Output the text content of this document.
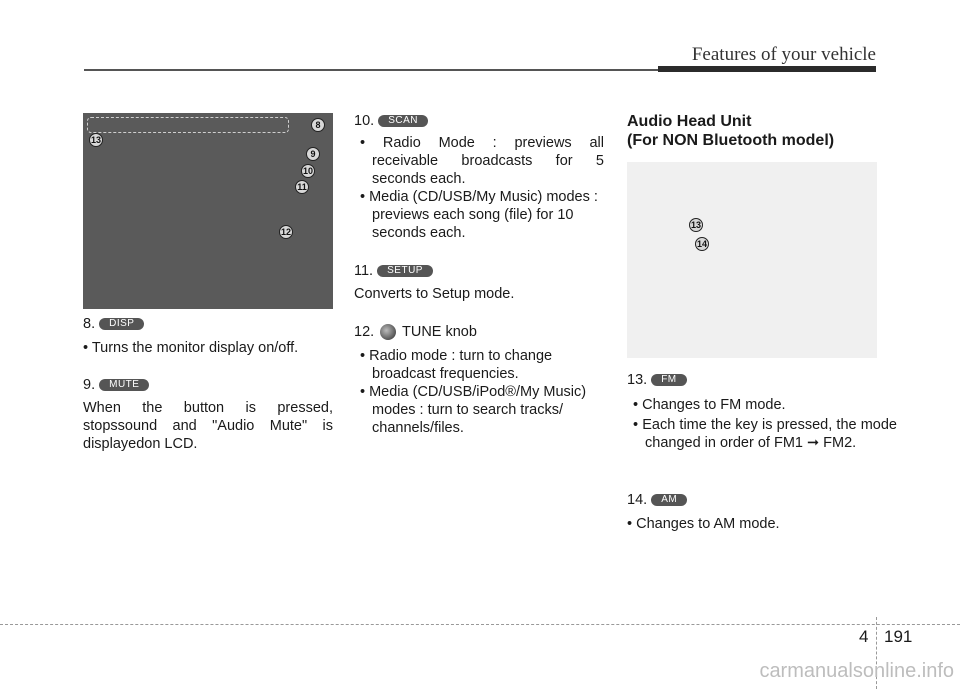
Features of your vehicle
8
13
9
10
11
12
8. DISP
• Turns the monitor display on/off.
9. MUTE
When the button is pressed, stopssound and "Audio Mute" is displayedon LCD.
10. SCAN
• Radio Mode : previews all receivable broadcasts for 5 seconds each.
• Media (CD/USB/My Music) modes : previews each song (file) for 10 seconds each.
11. SETUP
Converts to Setup mode.
12. TUNE knob
• Radio mode : turn to change broadcast frequencies.
• Media (CD/USB/iPod®/My Music) modes : turn to search tracks/ channels/files.
Audio Head Unit
(For NON Bluetooth model)
13
14
13. FM
• Changes to FM mode.
• Each time the key is pressed, the mode changed in order of FM1 ➞ FM2.
14. AM
• Changes to AM mode.
4 191
carmanualsonline.info
